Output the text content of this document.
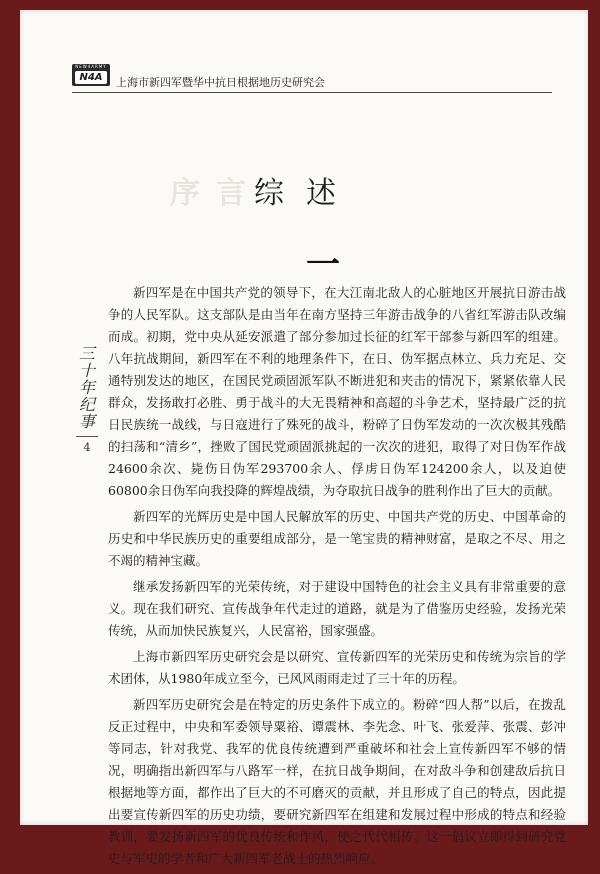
NEW4ARMY
N4A	上海市新四军暨华中抗日根据地历史研究会
序言
综述
一
三十年纪事
4

新四军是在中国共产党的领导下，在大江南北敌人的心脏地区开展抗日游击战争的人民军队。这支部队是由当年在南方坚持三年游击战争的八省红军游击队改编而成。初期，党中央从延安派遣了部分参加过长征的红军干部参与新四军的组建。八年抗战期间，新四军在不利的地理条件下，在日、伪军据点林立、兵力充足、交通特别发达的地区，在国民党顽固派军队不断进犯和夹击的情况下，紧紧依靠人民群众，发扬敢打必胜、勇于战斗的大无畏精神和高超的斗争艺术，坚持最广泛的抗日民族统一战线，与日寇进行了殊死的战斗，粉碎了日伪军发动的一次次极其残酷的扫荡和“清乡”，挫败了国民党顽固派挑起的一次次的进犯，取得了对日伪军作战24600余次、毙伤日伪军293700余人、俘虏日伪军124200余人，以及迫使60800余日伪军向我投降的辉煌战绩，为夺取抗日战争的胜利作出了巨大的贡献。

新四军的光辉历史是中国人民解放军的历史、中国共产党的历史、中国革命的历史和中华民族历史的重要组成部分，是一笔宝贵的精神财富，是取之不尽、用之不竭的精神宝藏。

继承发扬新四军的光荣传统，对于建设中国特色的社会主义具有非常重要的意义。现在我们研究、宣传战争年代走过的道路，就是为了借鉴历史经验，发扬光荣传统，从而加快民族复兴，人民富裕，国家强盛。

上海市新四军历史研究会是以研究、宣传新四军的光荣历史和传统为宗旨的学术团体，从1980年成立至今，已风风雨雨走过了三十年的历程。

新四军历史研究会是在特定的历史条件下成立的。粉碎“四人帮”以后，在拨乱反正过程中，中央和军委领导粟裕、谭震林、李先念、叶飞、张爱萍、张震、彭冲等同志，针对我党、我军的优良传统遭到严重破坏和社会上宣传新四军不够的情况，明确指出新四军与八路军一样，在抗日战争期间，在对敌斗争和创建敌后抗日根据地等方面，都作出了巨大的不可磨灭的贡献，并且形成了自己的特点，因此提出要宣传新四军的历史功绩，要研究新四军在组建和发展过程中形成的特点和经验教训，要发扬新四军的优良传统和作风，使之代代相传。这一倡议立即得到研究党史与军史的学者和广大新四军老战士的热烈响应。
